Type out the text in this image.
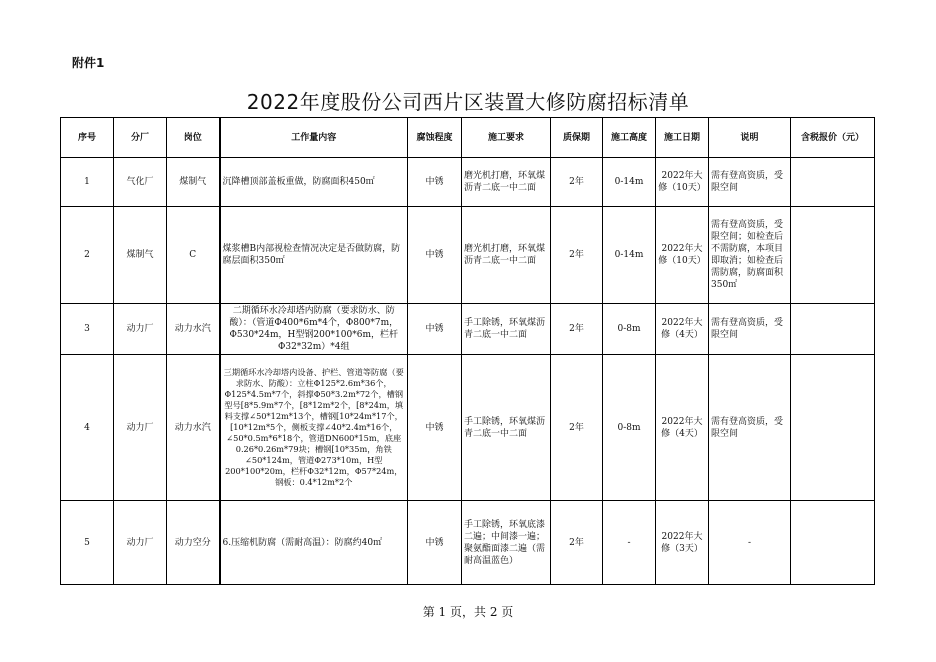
附件1
2022年度股份公司西片区装置大修防腐招标清单
序号	分厂	岗位	工作量内容	腐蚀程度	施工要求	质保期	施工高度	施工日期	说明	含税报价（元）
1	气化厂	煤制气	沉降槽顶部盖板重做，防腐面积450㎡	中锈	磨光机打磨，环氧煤沥青二底一中二面	2年	0-14m	2022年大修（10天）	需有登高资质，受限空间	
2	煤制气	C	煤浆槽B内部视检查情况决定是否做防腐，防腐层面积350㎡	中锈	磨光机打磨，环氧煤沥青二底一中二面	2年	0-14m	2022年大修（10天）	需有登高资质，受限空间；如检查后不需防腐，本项目即取消；如检查后需防腐，防腐面积350㎡	
3	动力厂	动力水汽	二期循环水冷却塔内防腐（要求防水、防酸）：（管道Φ400*6m*4个，Φ800*7m，Φ530*24m，H型钢200*100*6m，栏杆Φ32*32m）*4组	中锈	手工除锈，环氧煤沥青二底一中二面	2年	0-8m	2022年大修（4天）	需有登高资质，受限空间	
4	动力厂	动力水汽	三期循环水冷却塔内设备、护栏、管道等防腐（要求防水、防酸）：立柱Φ125*2.6m*36个，Φ125*4.5m*7个，斜撑Φ50*3.2m*72个，槽钢型号[8*5.9m*7个，[8*12m*2个，[8*24m，填料支撑∠50*12m*13个，槽钢[10*24m*17个，[10*12m*5个，侧板支撑∠40*2.4m*16个，∠50*0.5m*6*18个，管道DN600*15m，底座0.26*0.26m*79块；槽钢[10*35m，角铁∠50*124m，管道Φ273*10m，H型200*100*20m，栏杆Φ32*12m，Φ57*24m，钢板：0.4*12m*2个	中锈	手工除锈，环氧煤沥青二底一中二面	2年	0-8m	2022年大修（4天）	需有登高资质，受限空间	
5	动力厂	动力空分	6.压缩机防腐（需耐高温）：防腐约40㎡	中锈	手工除锈，环氧底漆二遍；中间漆一遍；聚氨酯面漆二遍（需耐高温蓝色）	2年	-	2022年大修（3天）	-	
第 1 页，共 2 页
